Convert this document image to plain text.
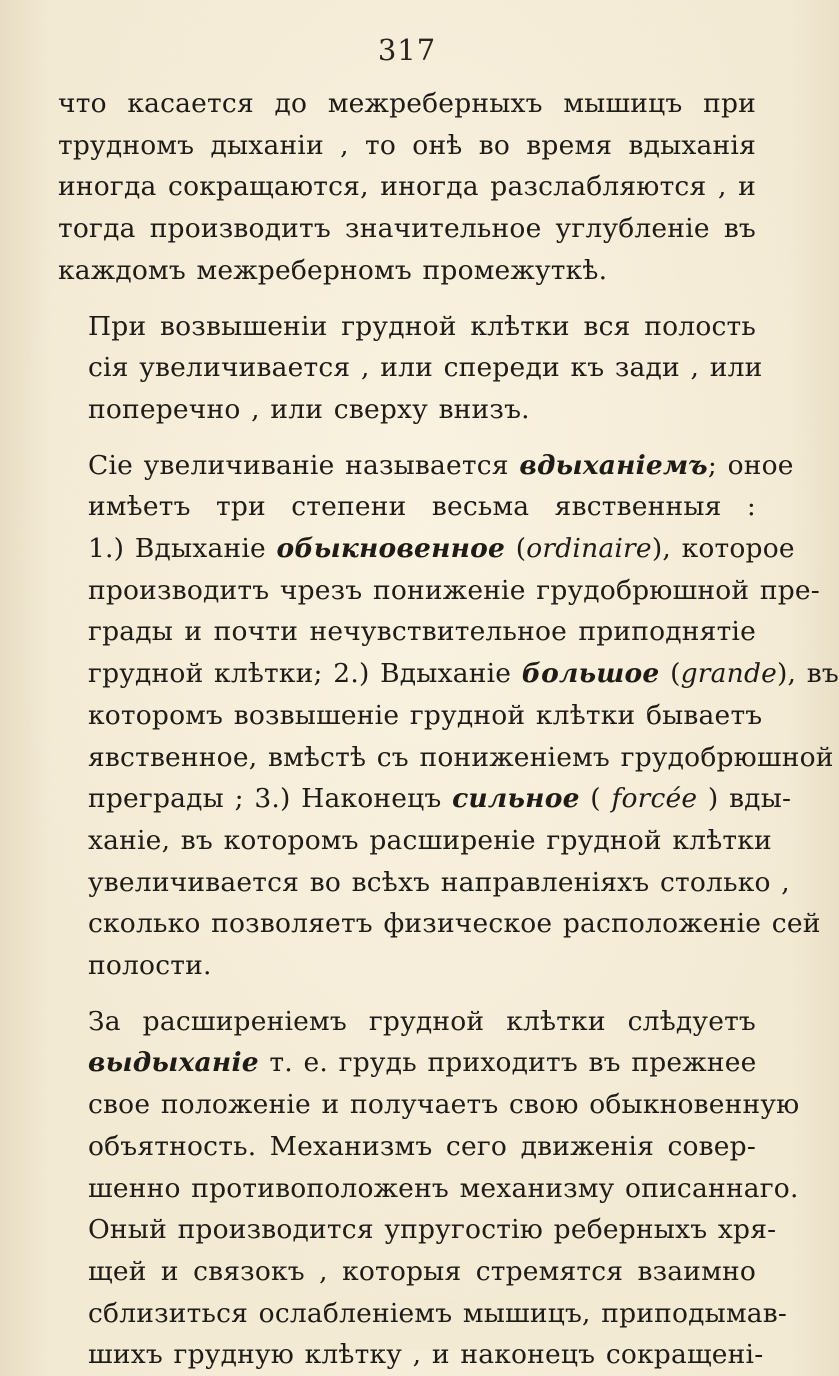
317

что касается до межреберныхъ мышицъ при
трудномъ дыханіи , то онѣ во время вдыханія
иногда сокращаются, иногда разслабляются , и
тогда производитъ значительное углубленіе въ
каждомъ межреберномъ промежуткѣ.

При возвышеніи грудной клѣтки вся полость
сія увеличивается , или спереди къ зади , или
поперечно , или сверху внизъ.

Сіе увеличиваніе называется вдыханіемъ; оное
имѣетъ три степени весьма явственныя :
1.) Вдыханіе обыкновенное (ordinaire), которое
производитъ чрезъ пониженіе грудобрюшной пре-
грады и почти нечувствительное приподнятіе
грудной клѣтки; 2.) Вдыханіе большое (grande), въ
которомъ возвышеніе грудной клѣтки бываетъ
явственное, вмѣстѣ съ пониженіемъ грудобрюшной
преграды ; 3.) Наконецъ сильное ( forcée ) вды-
ханіе, въ которомъ расширеніе грудной клѣтки
увеличивается во всѣхъ направленіяхъ столько ,
сколько позволяетъ физическое расположеніе сей
полости.

За расширеніемъ грудной клѣтки слѣдуетъ
выдыханіе т. е. грудь приходитъ въ прежнее
свое положеніе и получаетъ свою обыкновенную
объятность. Механизмъ сего движенія совер-
шенно противоположенъ механизму описаннаго.
Оный производится упругостію реберныхъ хря-
щей и связокъ , которыя стремятся взаимно
сблизиться ослабленіемъ мышицъ, приподымав-
шихъ грудную клѣтку , и наконецъ сокращені-
